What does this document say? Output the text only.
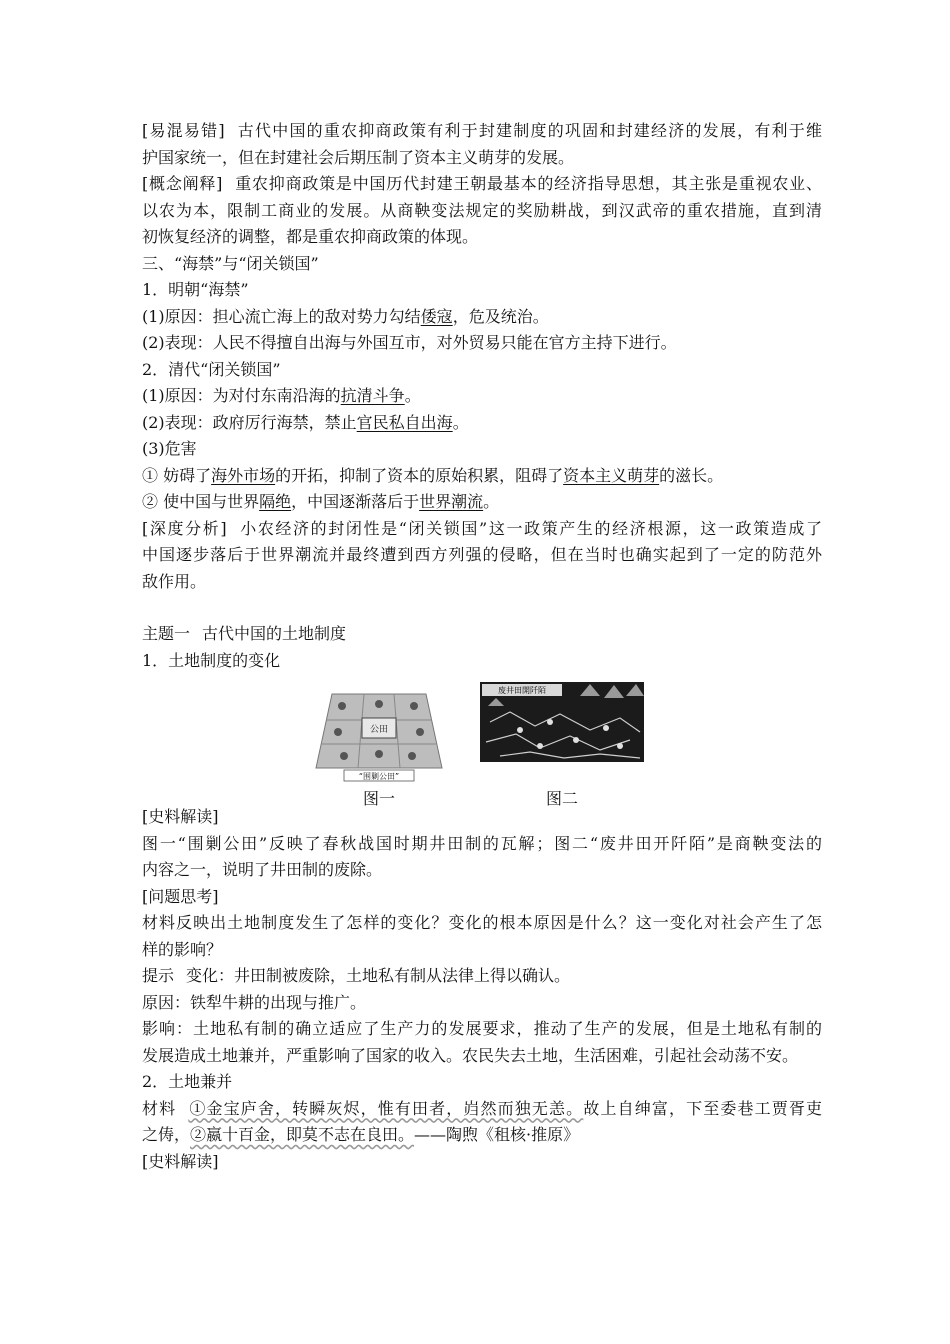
[易混易错] 古代中国的重农抑商政策有利于封建制度的巩固和封建经济的发展，有利于维
护国家统一，但在封建社会后期压制了资本主义萌芽的发展。
[概念阐释] 重农抑商政策是中国历代封建王朝最基本的经济指导思想，其主张是重视农业、
以农为本，限制工商业的发展。从商鞅变法规定的奖励耕战，到汉武帝的重农措施，直到清
初恢复经济的调整，都是重农抑商政策的体现。
三、“海禁”与“闭关锁国”
1．明朝“海禁”
(1)原因：担心流亡海上的敌对势力勾结倭寇，危及统治。
(2)表现：人民不得擅自出海与外国互市，对外贸易只能在官方主持下进行。
2．清代“闭关锁国”
(1)原因：为对付东南沿海的抗清斗争。
(2)表现：政府厉行海禁，禁止官民私自出海。
(3)危害
① 妨碍了海外市场的开拓，抑制了资本的原始积累，阻碍了资本主义萌芽的滋长。
② 使中国与世界隔绝，中国逐渐落后于世界潮流。
[深度分析] 小农经济的封闭性是“闭关锁国”这一政策产生的经济根源，这一政策造成了
中国逐步落后于世界潮流并最终遭到西方列强的侵略，但在当时也确实起到了一定的防范外
敌作用。
主题一 古代中国的土地制度
1．土地制度的变化
公田
“围剿公田”
废井田開阡陌
图一	图二
[史料解读]
图一“围剿公田”反映了春秋战国时期井田制的瓦解；图二“废井田开阡陌”是商鞅变法的
内容之一，说明了井田制的废除。
[问题思考]
材料反映出土地制度发生了怎样的变化？变化的根本原因是什么？这一变化对社会产生了怎
样的影响？
提示 变化：井田制被废除，土地私有制从法律上得以确认。
原因：铁犁牛耕的出现与推广。
影响：土地私有制的确立适应了生产力的发展要求，推动了生产的发展，但是土地私有制的
发展造成土地兼并，严重影响了国家的收入。农民失去土地，生活困难，引起社会动荡不安。
2．土地兼并
材料 ①金宝庐舍，转瞬灰烬，惟有田者，岿然而独无恙。故上自绅富，下至委巷工贾胥吏
之俦，②嬴十百金，即莫不志在良田。——陶煦《租核·推原》
[史料解读]
